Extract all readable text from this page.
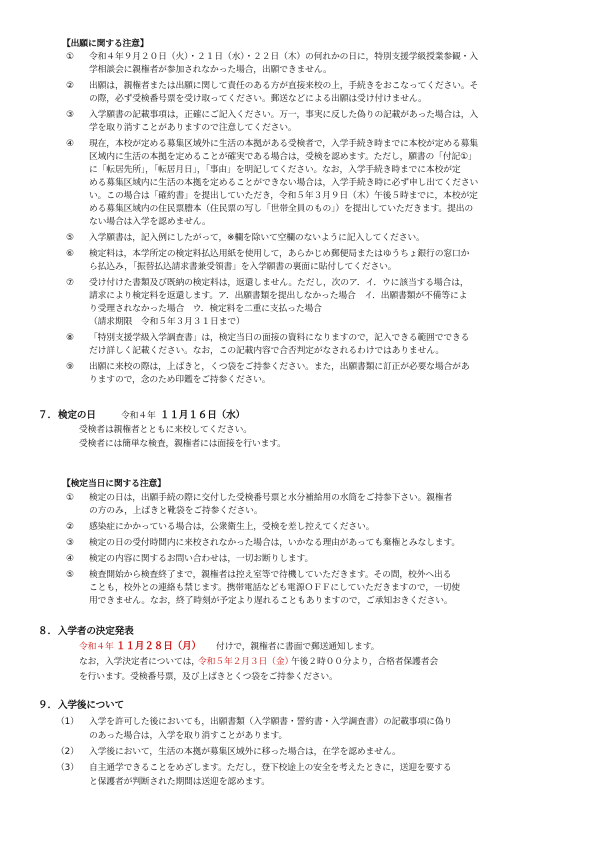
【出願に関する注意】
① 令和４年９月２０日（火）・２１日（水）・２２日（木）の何れかの日に，特別支援学級授業参観・入
学相談会に親権者が参加されなかった場合，出願できません。
② 出願は，親権者または出願に関して責任のある方が直接来校の上，手続きをおこなってください。そ
の際，必ず受検番号票を受け取ってください。郵送などによる出願は受け付けません。
③ 入学願書の記載事項は，正確にご記入ください。万一，事実に反した偽りの記載があった場合は，入
学を取り消すことがありますので注意してください。
④ 現在，本校が定める募集区域外に生活の本拠がある受検者で，入学手続き時までに本校が定める募集
区域内に生活の本拠を定めることが確実である場合は，受検を認めます。ただし，願書の「付記①」
に「転居先所」，「転居月日」，「事由」を明記してください。なお，入学手続き時までに本校が定
める募集区域内に生活の本拠を定めることができない場合は，入学手続き時に必ず申し出てください
い。この場合は「確約書」を提出していただき，令和５年３月９日（木）午後５時までに，本校が定
める募集区域内の住民票謄本（住民票の写し「世帯全員のもの」）を提出していただきます。提出の
ない場合は入学を認めません。
⑤ 入学願書は，記入例にしたがって，※欄を除いて空欄のないように記入してください。
⑥ 検定料は，本学所定の検定料払込用紙を使用して，あらかじめ郵便局またはゆうちょ銀行の窓口か
ら払込み，「振替払込請求書兼受領書」を入学願書の裏面に貼付してください。
⑦ 受け付けた書類及び既納の検定料は，返還しません。ただし，次のア．イ．ウに該当する場合は，
請求により検定料を返還します。ア．出願書類を提出しなかった場合　イ．出願書類が不備等によ
り受理されなかった場合　ウ．検定料を二重に支払った場合
（請求期限　令和５年３月３１日まで）
⑧ 「特別支援学級入学調査書」は，検定当日の面接の資料になりますので，記入できる範囲でできる
だけ詳しく記載ください。なお，この記載内容で合否判定がなされるわけではありません。
⑨ 出願に来校の際は，上ばきと，くつ袋をご持参ください。また，出願書類に訂正が必要な場合があ
りますので，念のため印鑑をご持参ください。
７． 検定の日	令和４年 １１月１６日（水）
受検者は親権者とともに来校してください。
受検者には簡単な検査，親権者には面接を行います。
【検定当日に関する注意】
① 検定の日は，出願手続の際に交付した受検番号票と水分補給用の水筒をご持参下さい。親権者
の方のみ，上ばきと靴袋をご持参ください。
② 感染症にかかっている場合は，公衆衛生上，受検を差し控えてください。
③ 検定の日の受付時間内に来校されなかった場合は，いかなる理由があっても棄権とみなします。
④ 検定の内容に関するお問い合わせは，一切お断りします。
⑤ 検査開始から検査終了まで，親権者は控え室等で待機していただきます。その間，校外へ出る
ことも，校外との連絡も禁じます。携帯電話なども電源ＯＦＦにしていただきますので，一切使
用できません。なお，終了時刻が予定より遅れることもありますので，ご承知おきください。
８． 入学者の決定発表
令和４年 １１月２８日（月） 付けで，親権者に書面で郵送通知します。
なお，入学決定者については，
令和５年２月３日（金）
午後２時００分より，合格者保護者会
を行います。受検番号票，及び上ばきとくつ袋をご持参ください。
９． 入学後について
（1） 入学を許可した後においても，出願書類（入学願書・誓約書・入学調査書）の記載事項に偽り
のあった場合は，入学を取り消すことがあります。
（2） 入学後において，生活の本拠が募集区域外に移った場合は，在学を認めません。
（3） 自主通学できることをめざします。ただし，登下校途上の安全を考えたときに，送迎を要する
と保護者が判断された期間は送迎を認めます。
